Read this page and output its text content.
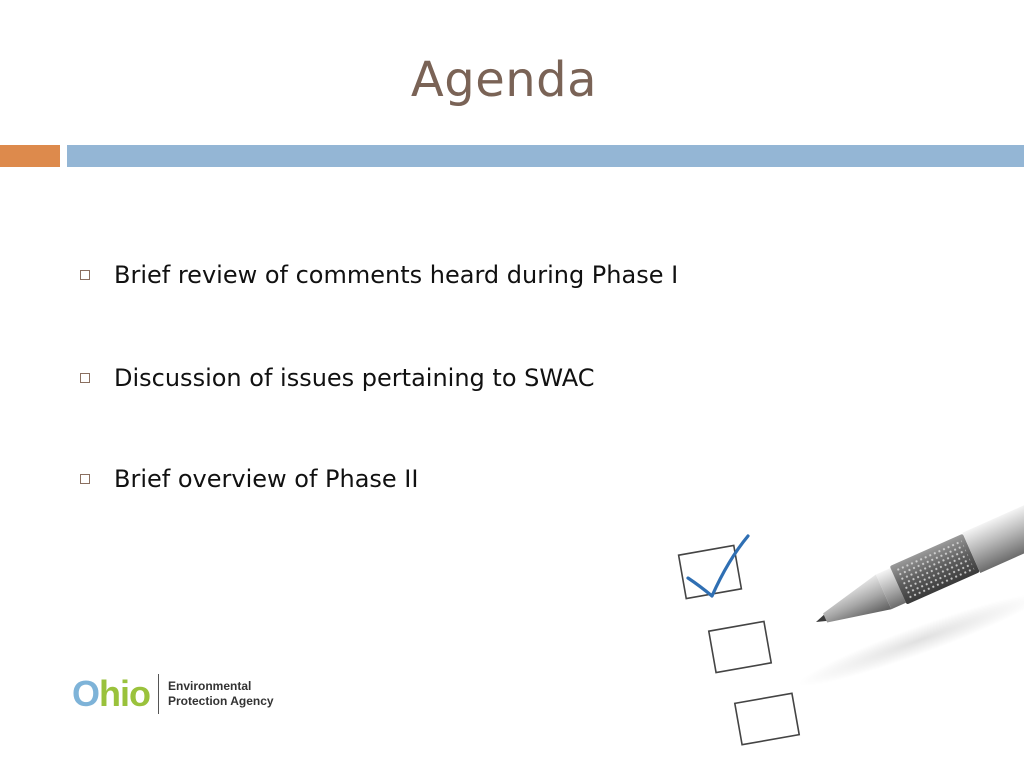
Agenda
Brief review of comments heard during Phase I
Discussion of issues pertaining to SWAC
Brief overview of Phase II
Ohio Environmental
Protection Agency
